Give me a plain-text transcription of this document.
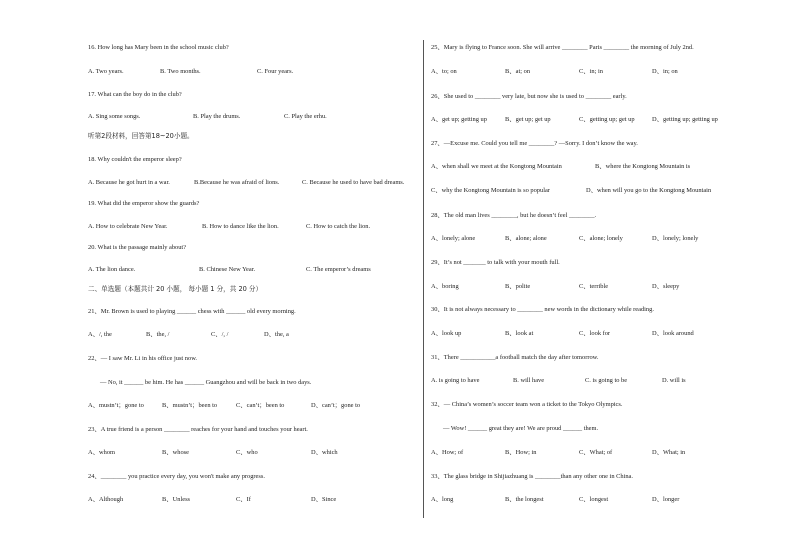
16. How long has Mary been in the school music club?
A. Two years.	B. Two months.	C. Four years.
17. What can the boy do in the club?
A. Sing some songs.	B. Play the drums.	C. Play the erhu.
听第2段材料，回答第18~20小题。
18. Why couldn't the emperor sleep?
A. Because he got hurt in a war.	B.Because he was afraid of lions.	C. Because he used to have bad dreams.
19. What did the emperor show the guards?
A. How to celebrate New Year.	B. How to dance like the lion.	C. How to catch the lion.
20. What is the passage mainly about?
A. The lion dance.	B. Chinese New Year.	C. The emperor’s dreams
二、单选题（本题共计 20 小题， 每小题 1 分，共 20 分）
21、Mr. Brown is used to playing ______ chess with ______ old every morning.
A、/, the	B、the, /	C、/, /	D、the, a
22、— I saw Mr. Li in his office just now.
— No, it ______ be him. He has ______ Guangzhou and will be back in two days.
A、mustn’t；gone to	B、mustn’t；been to	C、can’t；been to	D、can’t；gone to
23、A true friend is a person ________ reaches for your hand and touches your heart.
A、whom	B、whose	C、who	D、which
24、________ you practice every day, you won't make any progress.
A、Although	B、Unless	C、If	D、Since
25、Mary is flying to France soon. She will arrive ________ Paris ________ the morning of July 2nd.
A、to; on	B、at; on	C、in; in	D、in; on
26、She used to ________ very late, but now she is used to ________ early.
A、get up; getting up	B、get up; get up	C、getting up; get up	D、getting up; getting up
27、—Excuse me. Could you tell me ________? —Sorry. I don’t know the way.
A、when shall we meet at the Kongtong Mountain	B、where the Kongtong Mountain is
C、why the Kongtong Mountain is so popular	D、when will you go to the Kongtong Mountain
28、The old man lives ________, but he doesn’t feel ________.
A、lonely; alone	B、alone; alone	C、alone; lonely	D、lonely; lonely
29、It’s not _______ to talk with your mouth full.
A、boring	B、polite	C、terrible	D、sleepy
30、It is not always necessary to ________ new words in the dictionary while reading.
A、look up	B、look at	C、look for	D、look around
31、There ___________a football match the day after tomorrow.
A. is going to have	B. will have	C. is going to be	D. will is
32、— China’s women’s soccer team won a ticket to the Tokyo Olympics.
— Wow! ______ great they are! We are proud ______ them.
A、How; of	B、How; in	C、What; of	D、What; in
33、The glass bridge in Shijiazhuang is ________than any other one in China.
A、long	B、the longest	C、longest	D、longer
